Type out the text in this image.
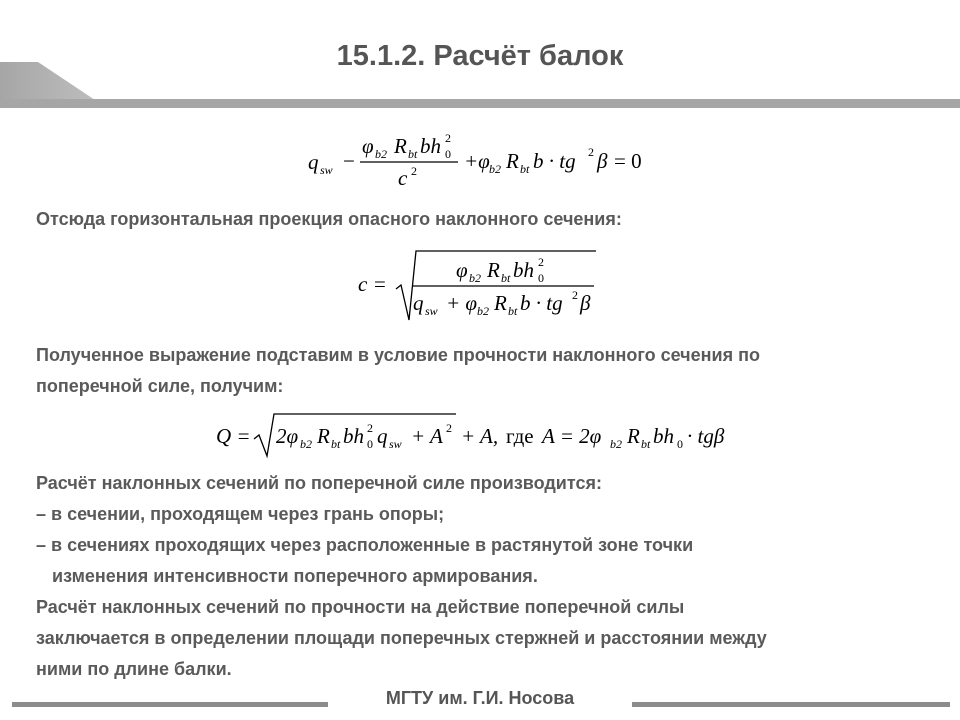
15.1.2. Расчёт балок
q sw −
φ b2 R bt bh 2
0
c 2 +φ b2 R bt b · tg 2 β = 0
Отсюда горизонтальная проекция опасного наклонного сечения:
c =
φ b2 R bt bh 2
0
q sw + φ b2 R bt b · tg 2 β
Полученное выражение подставим в условие прочности наклонного сечения по
поперечной силе, получим:
Q = 2φ b2 R bt bh 2
0 q sw + A 2 + A, где A = 2φ b2 R bt bh 0 · tgβ
Расчёт наклонных сечений по поперечной силе производится:
– в сечении, проходящем через грань опоры;
– в сечениях проходящих через расположенные в растянутой зоне точки
изменения интенсивности поперечного армирования.
Расчёт наклонных сечений по прочности на действие поперечной силы
заключается в определении площади поперечных стержней и расстоянии между
ними по длине балки.
МГТУ им. Г.И. Носова
